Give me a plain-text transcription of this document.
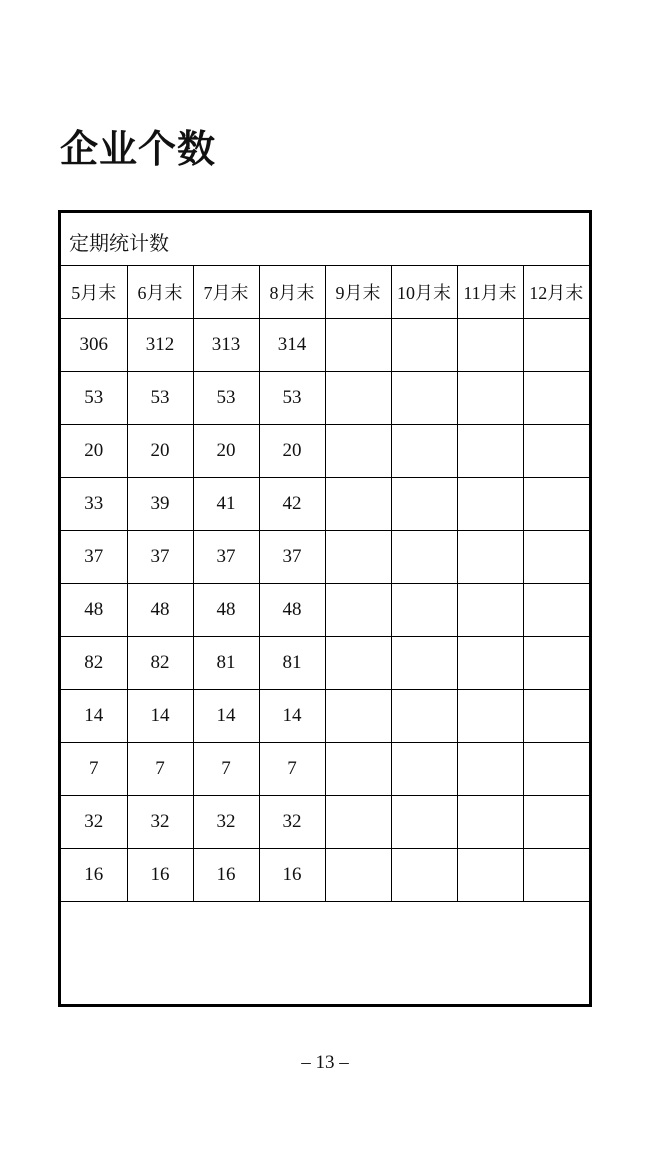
企业个数
定期统计数
5月末	6月末	7月末	8月末	9月末	10月末	11月末	12月末
306	312	313	314				
53	53	53	53				
20	20	20	20				
33	39	41	42				
37	37	37	37				
48	48	48	48				
82	82	81	81				
14	14	14	14				
7	7	7	7				
32	32	32	32				
16	16	16	16				
– 13 –
